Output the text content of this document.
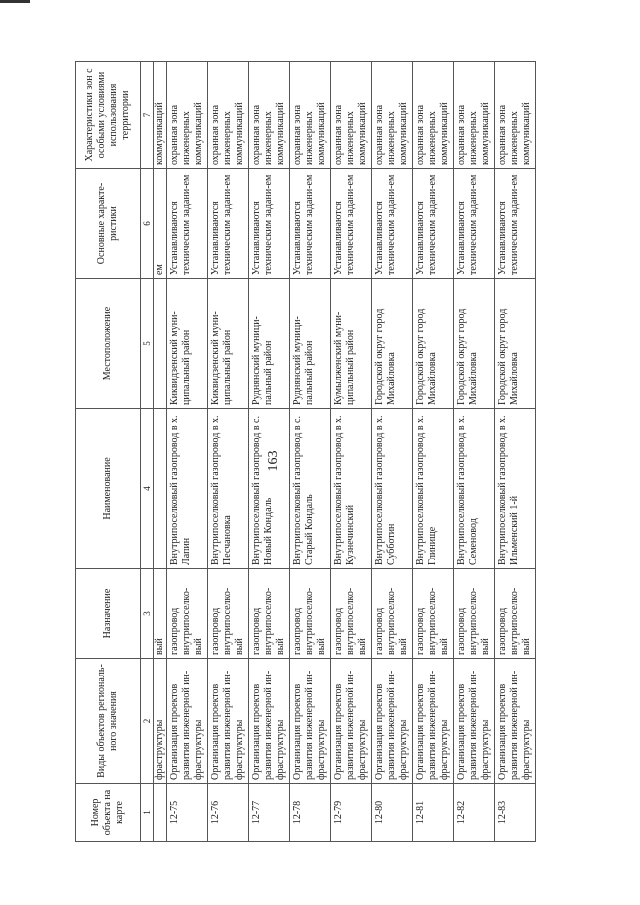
163
Номер объекта на карте	Виды объектов региональ-ного значения	Назначение	Наименование	Местоположение	Основные характе-ристики	Характеристики зон с особыми условиями использования территории
1	2	3	4	5	6	7
	фраструктуры	вый			ем	коммуникаций
12-75	Организация проектов развития инженерной ин-фраструктуры	газопровод внутрипоселко-вый	Внутрипоселковый газопровод в х. Лапин	Киквидзенский муни-ципальный район	Устанавливаются техническим задани-ем	охранная зона инженерных коммуникаций
12-76	Организация проектов развития инженерной ин-фраструктуры	газопровод внутрипоселко-вый	Внутрипоселковый газопровод в х. Песчановка	Киквидзенский муни-ципальный район	Устанавливаются техническим задани-ем	охранная зона инженерных коммуникаций
12-77	Организация проектов развития инженерной ин-фраструктуры	газопровод внутрипоселко-вый	Внутрипоселковый газопровод в с. Новый Кондаль	Руднянский муници-пальный район	Устанавливаются техническим задани-ем	охранная зона инженерных коммуникаций
12-78	Организация проектов развития инженерной ин-фраструктуры	газопровод внутрипоселко-вый	Внутрипоселковый газопровод в с. Старый Кондаль	Руднянский муници-пальный район	Устанавливаются техническим задани-ем	охранная зона инженерных коммуникаций
12-79	Организация проектов развития инженерной ин-фраструктуры	газопровод внутрипоселко-вый	Внутрипоселковый газопровод в х. Кузнечинский	Кумылженский муни-ципальный район	Устанавливаются техническим задани-ем	охранная зона инженерных коммуникаций
12-80	Организация проектов развития инженерной ин-фраструктуры	газопровод внутрипоселко-вый	Внутрипоселковый газопровод в х. Субботин	Городской округ город Михайловка	Устанавливаются техническим задани-ем	охранная зона инженерных коммуникаций
12-81	Организация проектов развития инженерной ин-фраструктуры	газопровод внутрипоселко-вый	Внутрипоселковый газопровод в х. Глинище	Городской округ город Михайловка	Устанавливаются техническим задани-ем	охранная зона инженерных коммуникаций
12-82	Организация проектов развития инженерной ин-фраструктуры	газопровод внутрипоселко-вый	Внутрипоселковый газопровод в х. Семеновод	Городской округ город Михайловка	Устанавливаются техническим задани-ем	охранная зона инженерных коммуникаций
12-83	Организация проектов развития инженерной ин-фраструктуры	газопровод внутрипоселко-вый	Внутрипоселковый газопровод в х. Ильменский 1-й	Городской округ город Михайловка	Устанавливаются техническим задани-ем	охранная зона инженерных коммуникаций
